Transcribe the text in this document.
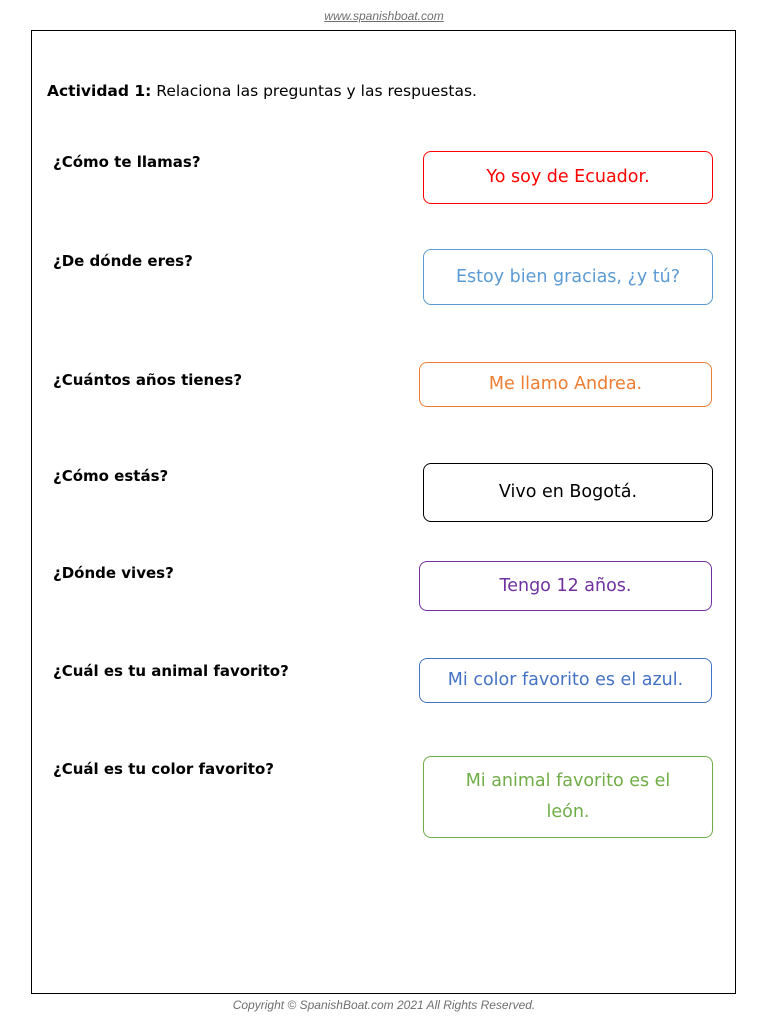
www.spanishboat.com
Actividad 1: Relaciona las preguntas y las respuestas.
¿Cómo te llamas?
¿De dónde eres?
¿Cuántos años tienes?
¿Cómo estás?
¿Dónde vives?
¿Cuál es tu animal favorito?
¿Cuál es tu color favorito?
Yo soy de Ecuador.
Estoy bien gracias, ¿y tú?
Me llamo Andrea.
Vivo en Bogotá.
Tengo 12 años.
Mi color favorito es el azul.
Mi animal favorito es el león.
Copyright © SpanishBoat.com 2021 All Rights Reserved.
